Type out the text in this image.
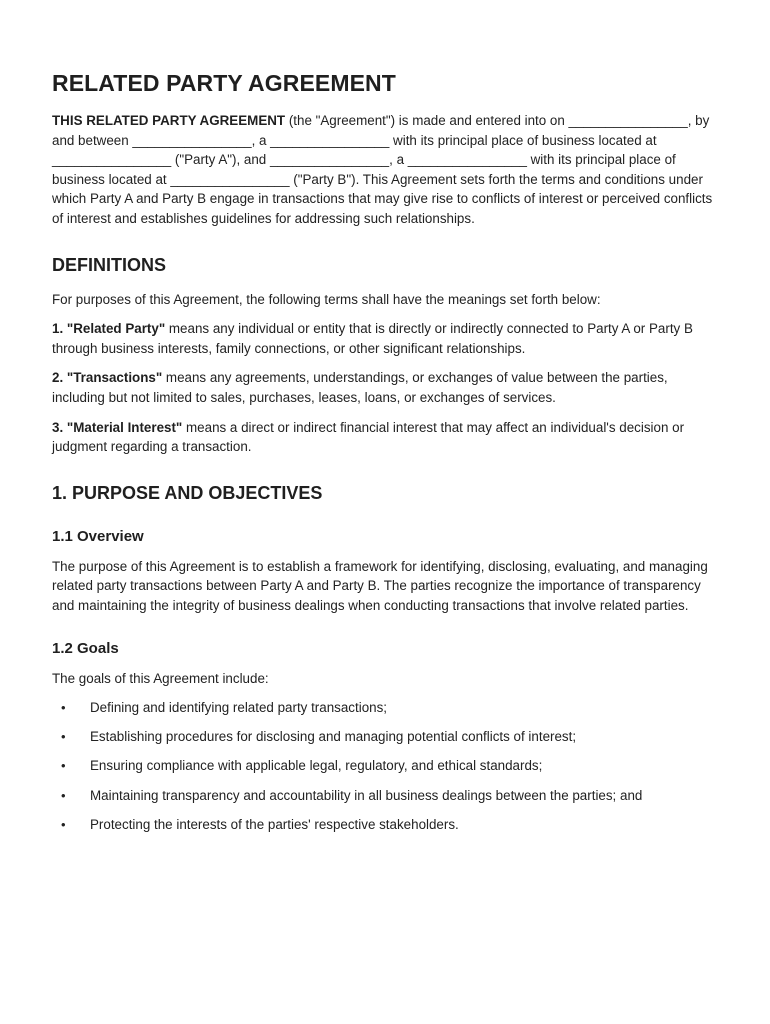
RELATED PARTY AGREEMENT

THIS RELATED PARTY AGREEMENT (the "Agreement") is made and entered into on ________________, by and between ________________, a ________________ with its principal place of business located at ________________ ("Party A"), and ________________, a ________________ with its principal place of business located at ________________ ("Party B"). This Agreement sets forth the terms and conditions under which Party A and Party B engage in transactions that may give rise to conflicts of interest or perceived conflicts of interest and establishes guidelines for addressing such relationships.

DEFINITIONS

For purposes of this Agreement, the following terms shall have the meanings set forth below:

1. "Related Party" means any individual or entity that is directly or indirectly connected to Party A or Party B through business interests, family connections, or other significant relationships.

2. "Transactions" means any agreements, understandings, or exchanges of value between the parties, including but not limited to sales, purchases, leases, loans, or exchanges of services.

3. "Material Interest" means a direct or indirect financial interest that may affect an individual's decision or judgment regarding a transaction.

1. PURPOSE AND OBJECTIVES
1.1 Overview

The purpose of this Agreement is to establish a framework for identifying, disclosing, evaluating, and managing related party transactions between Party A and Party B. The parties recognize the importance of transparency and maintaining the integrity of business dealings when conducting transactions that involve related parties.

1.2 Goals

The goals of this Agreement include:

• Defining and identifying related party transactions;
• Establishing procedures for disclosing and managing potential conflicts of interest;
• Ensuring compliance with applicable legal, regulatory, and ethical standards;
• Maintaining transparency and accountability in all business dealings between the parties; and
• Protecting the interests of the parties' respective stakeholders.
